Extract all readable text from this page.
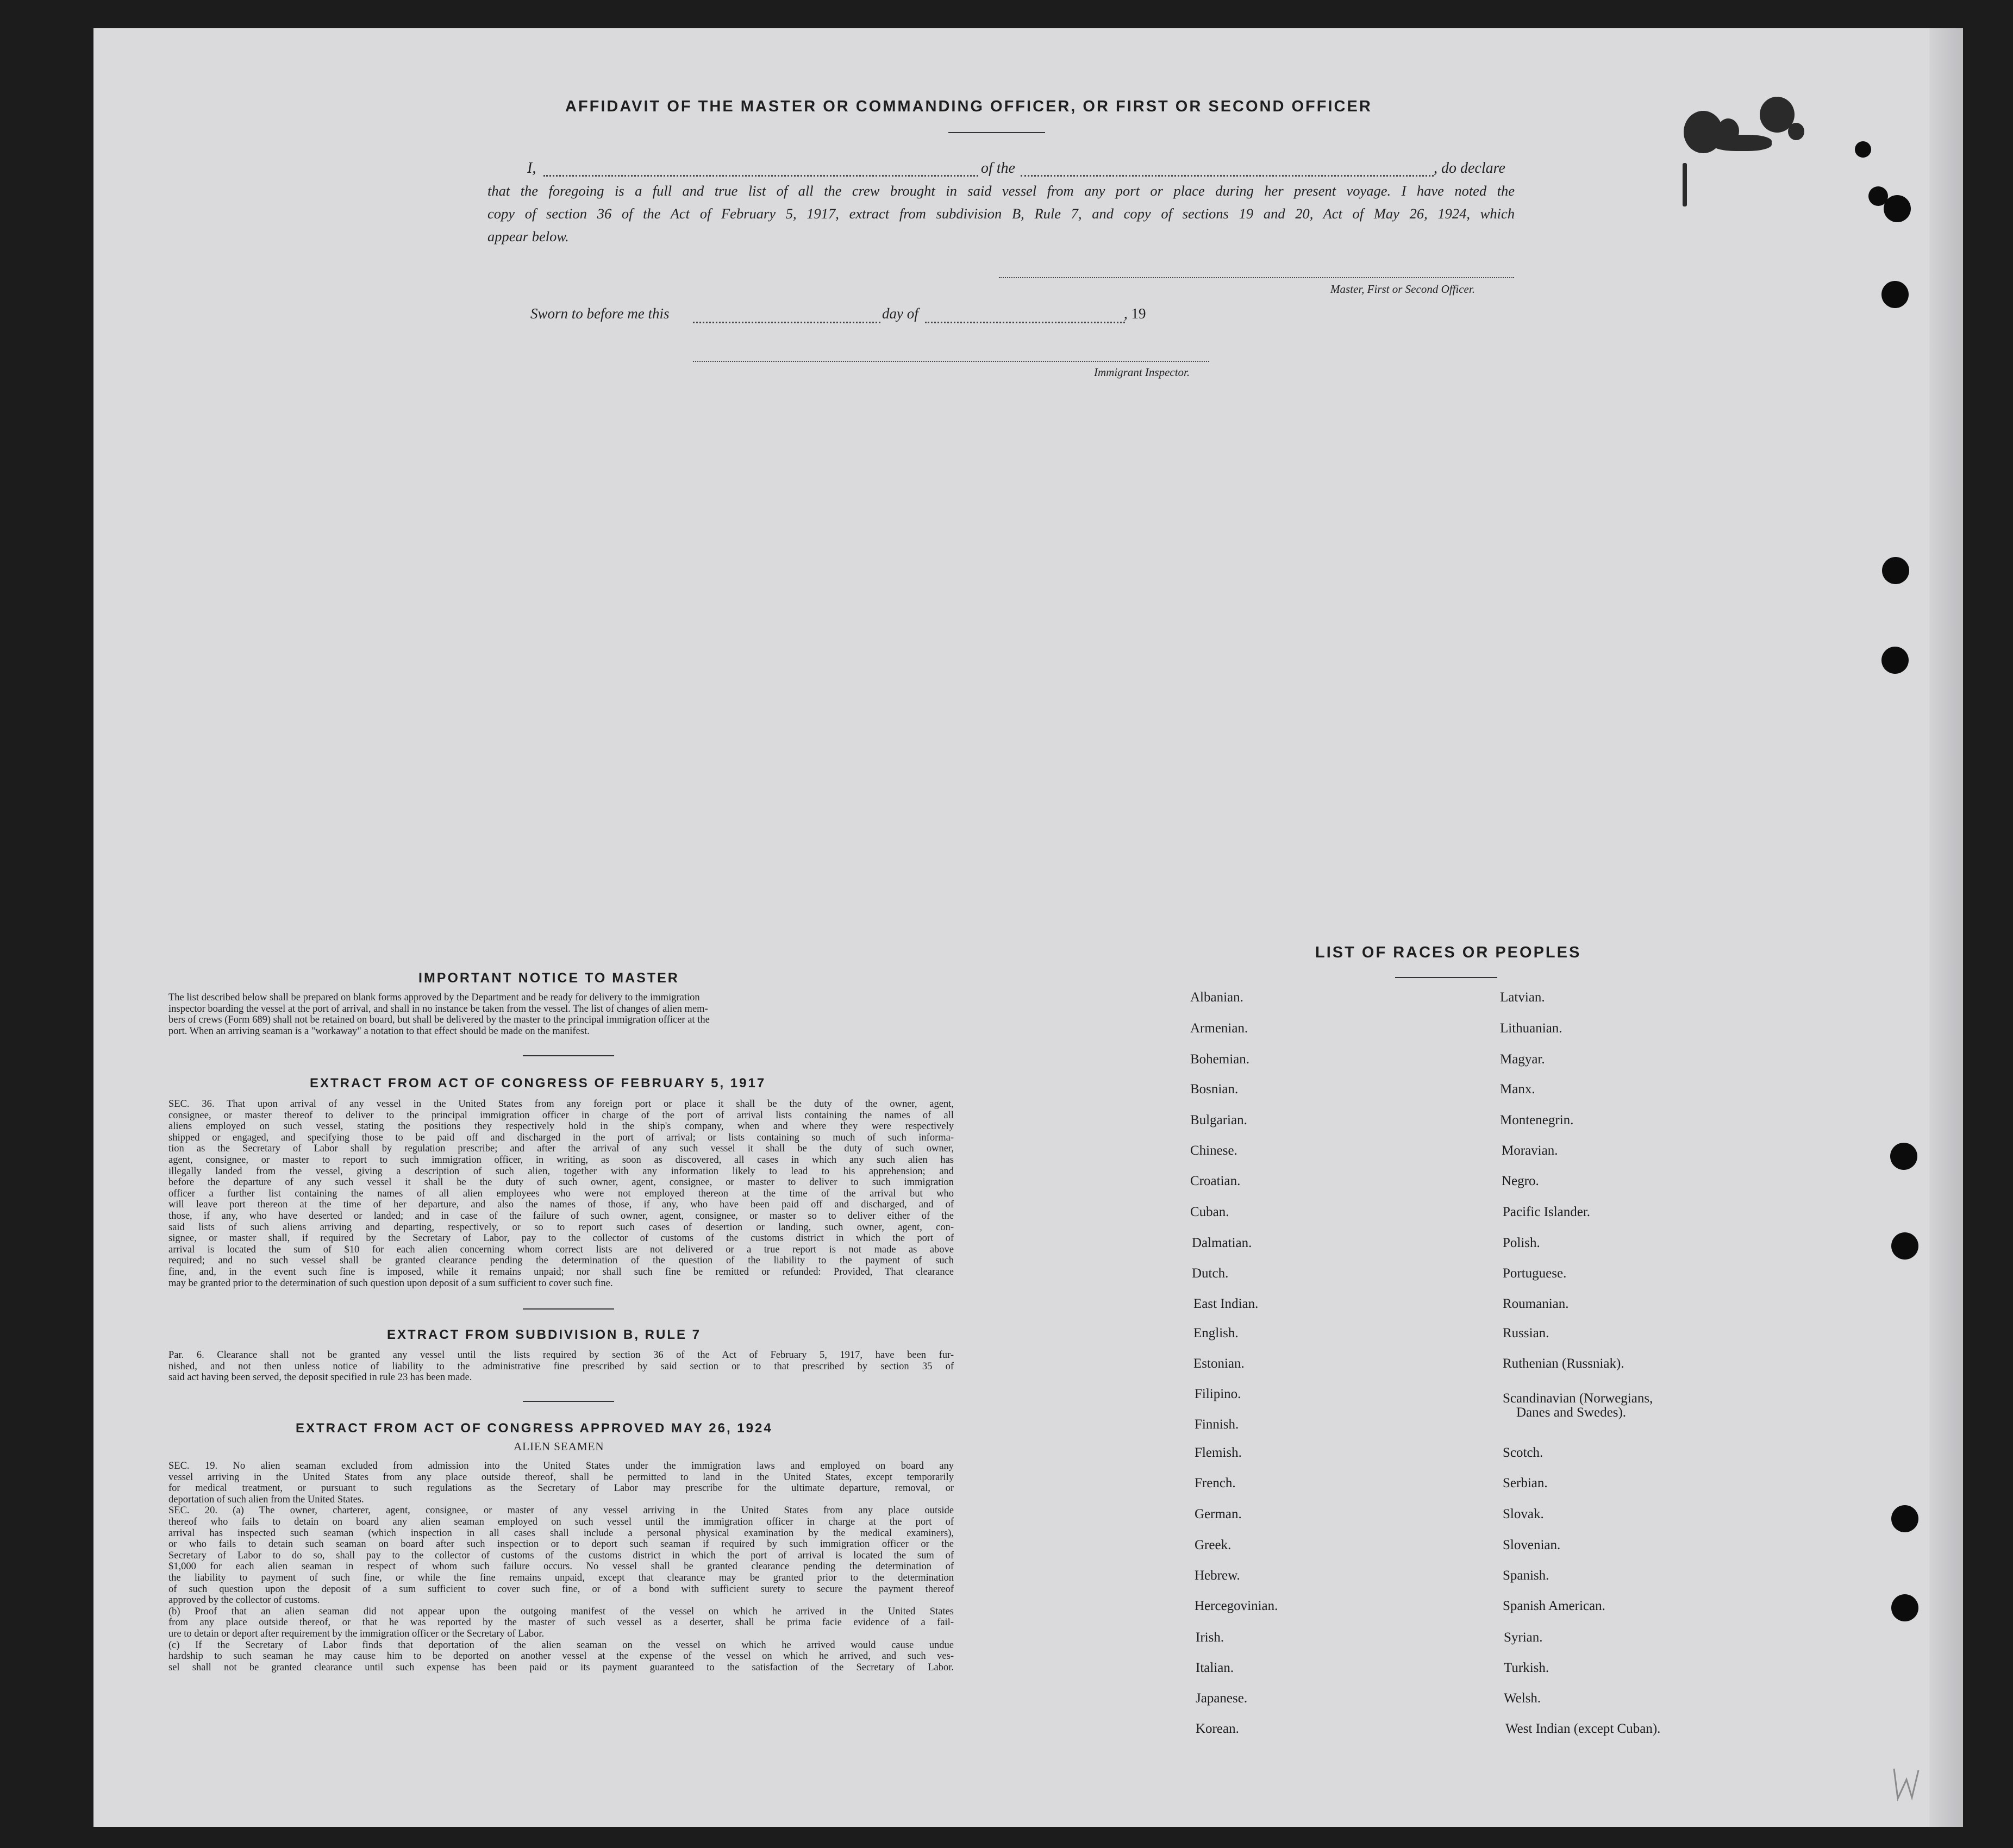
AFFIDAVIT OF THE MASTER OR COMMANDING OFFICER, OR FIRST OR SECOND OFFICER
I,	of the	, do declare
that the foregoing is a full and true list of all the crew brought in said vessel from any port or place during her present voyage. I have noted the
copy of section 36 of the Act of February 5, 1917, extract from subdivision B, Rule 7, and copy of sections 19 and 20, Act of May 26, 1924, which
appear below.
Master, First or Second Officer.
Sworn to before me this	day of	, 19
Immigrant Inspector.
IMPORTANT NOTICE TO MASTER
The list described below shall be prepared on blank forms approved by the Department and be ready for delivery to the immigration
inspector boarding the vessel at the port of arrival, and shall in no instance be taken from the vessel. The list of changes of alien mem-
bers of crews (Form 689) shall not be retained on board, but shall be delivered by the master to the principal immigration officer at the
port. When an arriving seaman is a "workaway" a notation to that effect should be made on the manifest.
EXTRACT FROM ACT OF CONGRESS OF FEBRUARY 5, 1917
SEC. 36. That upon arrival of any vessel in the United States from any foreign port or place it shall be the duty of the owner, agent,
consignee, or master thereof to deliver to the principal immigration officer in charge of the port of arrival lists containing the names of all
aliens employed on such vessel, stating the positions they respectively hold in the ship's company, when and where they were respectively
shipped or engaged, and specifying those to be paid off and discharged in the port of arrival; or lists containing so much of such informa-
tion as the Secretary of Labor shall by regulation prescribe; and after the arrival of any such vessel it shall be the duty of such owner,
agent, consignee, or master to report to such immigration officer, in writing, as soon as discovered, all cases in which any such alien has
illegally landed from the vessel, giving a description of such alien, together with any information likely to lead to his apprehension; and
before the departure of any such vessel it shall be the duty of such owner, agent, consignee, or master to deliver to such immigration
officer a further list containing the names of all alien employees who were not employed thereon at the time of the arrival but who
will leave port thereon at the time of her departure, and also the names of those, if any, who have been paid off and discharged, and of
those, if any, who have deserted or landed; and in case of the failure of such owner, agent, consignee, or master so to deliver either of the
said lists of such aliens arriving and departing, respectively, or so to report such cases of desertion or landing, such owner, agent, con-
signee, or master shall, if required by the Secretary of Labor, pay to the collector of customs of the customs district in which the port of
arrival is located the sum of $10 for each alien concerning whom correct lists are not delivered or a true report is not made as above
required; and no such vessel shall be granted clearance pending the determination of the question of the liability to the payment of such
fine, and, in the event such fine is imposed, while it remains unpaid; nor shall such fine be remitted or refunded: Provided, That clearance
may be granted prior to the determination of such question upon deposit of a sum sufficient to cover such fine.
EXTRACT FROM SUBDIVISION B, RULE 7
Par. 6. Clearance shall not be granted any vessel until the lists required by section 36 of the Act of February 5, 1917, have been fur-
nished, and not then unless notice of liability to the administrative fine prescribed by said section or to that prescribed by section 35 of
said act having been served, the deposit specified in rule 23 has been made.
EXTRACT FROM ACT OF CONGRESS APPROVED MAY 26, 1924
ALIEN SEAMEN
SEC. 19. No alien seaman excluded from admission into the United States under the immigration laws and employed on board any
vessel arriving in the United States from any place outside thereof, shall be permitted to land in the United States, except temporarily
for medical treatment, or pursuant to such regulations as the Secretary of Labor may prescribe for the ultimate departure, removal, or
deportation of such alien from the United States.
SEC. 20. (a) The owner, charterer, agent, consignee, or master of any vessel arriving in the United States from any place outside
thereof who fails to detain on board any alien seaman employed on such vessel until the immigration officer in charge at the port of
arrival has inspected such seaman (which inspection in all cases shall include a personal physical examination by the medical examiners),
or who fails to detain such seaman on board after such inspection or to deport such seaman if required by such immigration officer or the
Secretary of Labor to do so, shall pay to the collector of customs of the customs district in which the port of arrival is located the sum of
$1,000 for each alien seaman in respect of whom such failure occurs. No vessel shall be granted clearance pending the determination of
the liability to payment of such fine, or while the fine remains unpaid, except that clearance may be granted prior to the determination
of such question upon the deposit of a sum sufficient to cover such fine, or of a bond with sufficient surety to secure the payment thereof
approved by the collector of customs.
(b) Proof that an alien seaman did not appear upon the outgoing manifest of the vessel on which he arrived in the United States
from any place outside thereof, or that he was reported by the master of such vessel as a deserter, shall be prima facie evidence of a fail-
ure to detain or deport after requirement by the immigration officer or the Secretary of Labor.
(c) If the Secretary of Labor finds that deportation of the alien seaman on the vessel on which he arrived would cause undue
hardship to such seaman he may cause him to be deported on another vessel at the expense of the vessel on which he arrived, and such ves-
sel shall not be granted clearance until such expense has been paid or its payment guaranteed to the satisfaction of the Secretary of Labor.
LIST OF RACES OR PEOPLES
Albanian.
Armenian.
Bohemian.
Bosnian.
Bulgarian.
Chinese.
Croatian.
Cuban.
Dalmatian.
Dutch.
East Indian.
English.
Estonian.
Filipino.
Finnish.
Flemish.
French.
German.
Greek.
Hebrew.
Hercegovinian.
Irish.
Italian.
Japanese.
Korean.
Latvian.
Lithuanian.
Magyar.
Manx.
Montenegrin.
Moravian.
Negro.
Pacific Islander.
Polish.
Portuguese.
Roumanian.
Russian.
Ruthenian (Russniak).
Scandinavian (Norwegians,
Danes and Swedes).
Scotch.
Serbian.
Slovak.
Slovenian.
Spanish.
Spanish American.
Syrian.
Turkish.
Welsh.
West Indian (except Cuban).
